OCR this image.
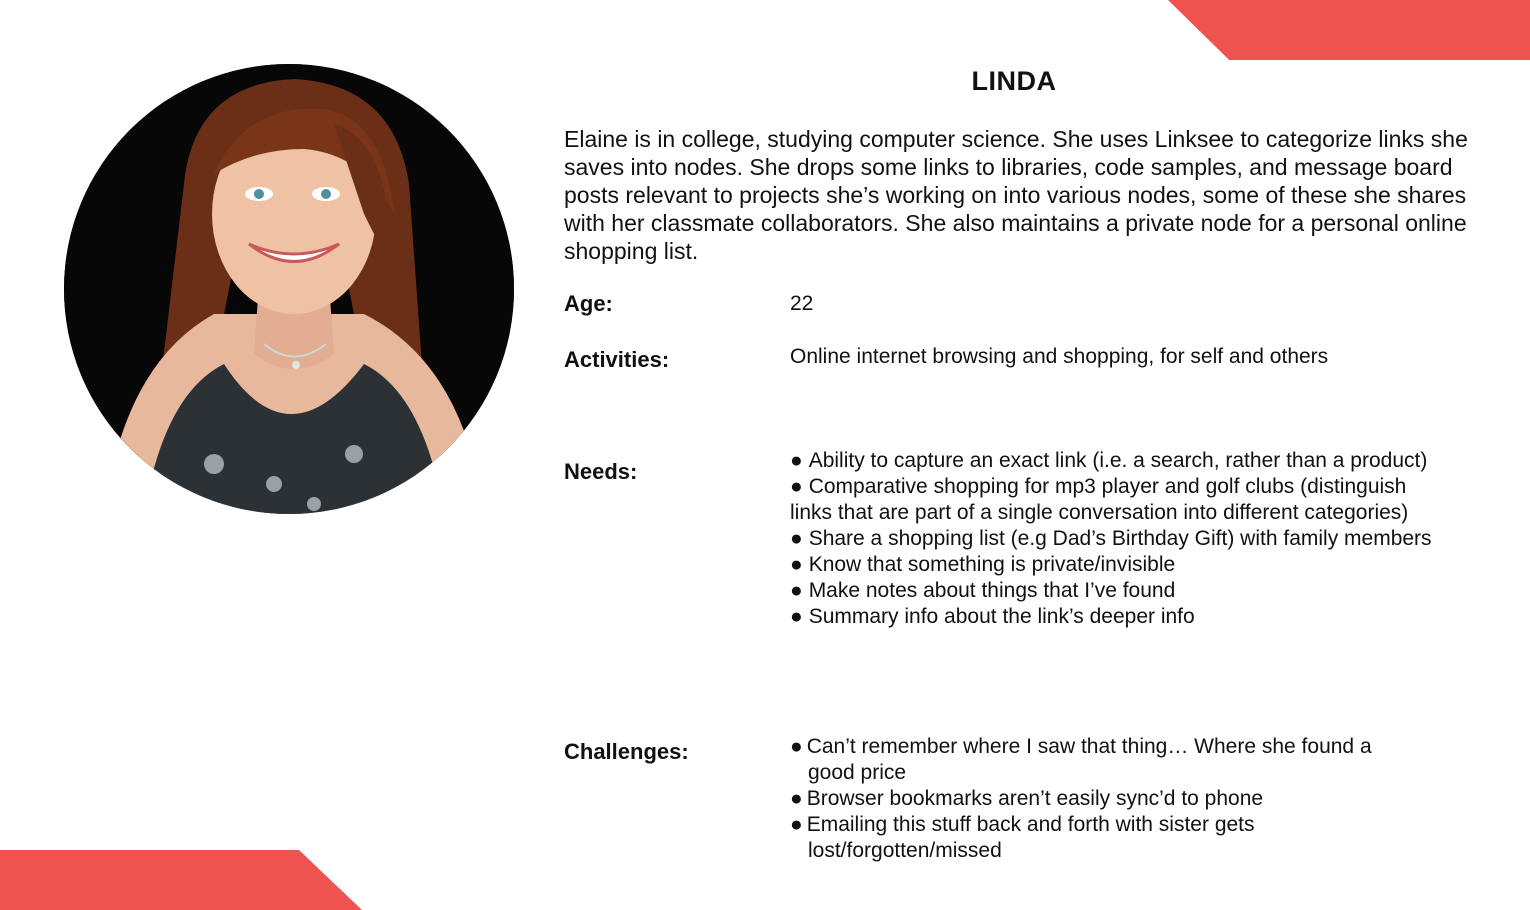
LINDA

Elaine is in college, studying computer science. She uses Linksee to categorize links she saves into nodes. She drops some links to libraries, code samples, and message board posts relevant to projects she’s working on into various nodes, some of these she shares with her classmate collaborators. She also maintains a private node for a personal online shopping list.

Age:	22

Activities:	Online internet browsing and shopping, for self and others

Needs:	● Ability to capture an exact link (i.e. a search, rather than a product)
● Comparative shopping for mp3 player and golf clubs (distinguish links that are part of a single conversation into different categories)
● Share a shopping list (e.g Dad’s Birthday Gift) with family members
● Know that something is private/invisible
● Make notes about things that I’ve found
● Summary info about the link’s deeper info

Challenges:	● Can’t remember where I saw that thing… Where she found a good price
● Browser bookmarks aren’t easily sync’d to phone
● Emailing this stuff back and forth with sister gets lost/forgotten/missed
